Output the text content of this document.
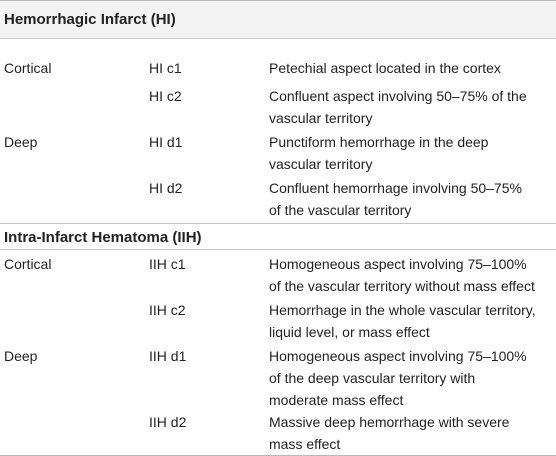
Hemorrhagic Infarct (HI)
Cortical	HI c1	Petechial aspect located in the cortex
HI c2	Confluent aspect involving 50–75% of the
vascular territory
Deep	HI d1	Punctiform hemorrhage in the deep
vascular territory
HI d2	Confluent hemorrhage involving 50–75%
of the vascular territory
Intra-Infarct Hematoma (IIH)
Cortical	IIH c1	Homogeneous aspect involving 75–100%
of the vascular territory without mass effect
IIH c2	Hemorrhage in the whole vascular territory,
liquid level, or mass effect
Deep	IIH d1	Homogeneous aspect involving 75–100%
of the deep vascular territory with
moderate mass effect
IIH d2	Massive deep hemorrhage with severe
mass effect
